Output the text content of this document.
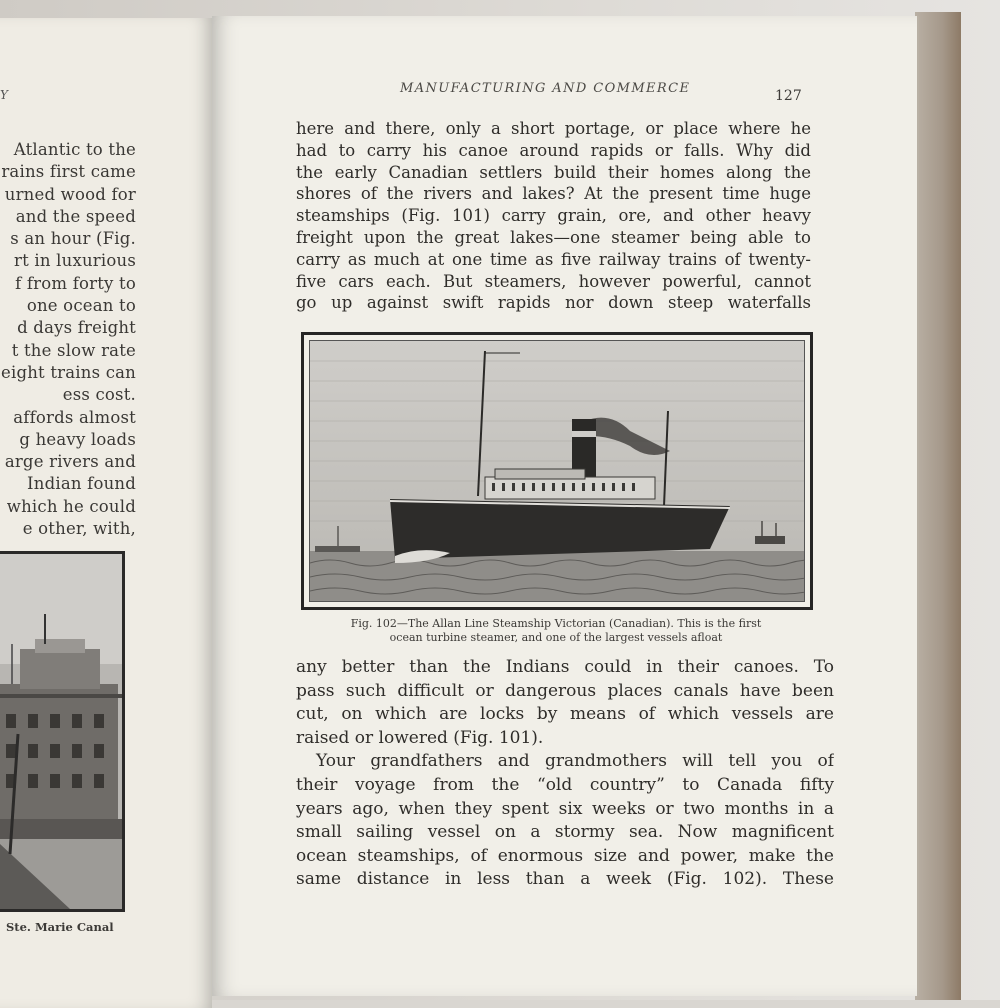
Y
Atlantic to the
rains first came
urned wood for
and the speed
s an hour (Fig.
rt in luxurious
f from forty to
one ocean to
d days freight
t the slow rate
eight trains can
ess cost.
affords almost
g heavy loads
arge rivers and
Indian found
which he could
e other, with,
Ste. Marie Canal
MANUFACTURING AND COMMERCE	127
here and there, only a short portage, or place where he
had to carry his canoe around rapids or falls. Why did
the early Canadian settlers build their homes along the
shores of the rivers and lakes? At the present time huge
steamships (Fig. 101) carry grain, ore, and other heavy
freight upon the great lakes—one steamer being able to
carry as much at one time as five railway trains of twenty-
five cars each. But steamers, however powerful, cannot
go up against swift rapids nor down steep waterfalls
Fig. 102—The Allan Line Steamship Victorian (Canadian). This is the first
ocean turbine steamer, and one of the largest vessels afloat
any better than the Indians could in their canoes. To
pass such difficult or dangerous places canals have been
cut, on which are locks by means of which vessels are
raised or lowered (Fig. 101).
Your grandfathers and grandmothers will tell you of
their voyage from the “old country” to Canada fifty
years ago, when they spent six weeks or two months in a
small sailing vessel on a stormy sea. Now magnificent
ocean steamships, of enormous size and power, make the
same distance in less than a week (Fig. 102). These
